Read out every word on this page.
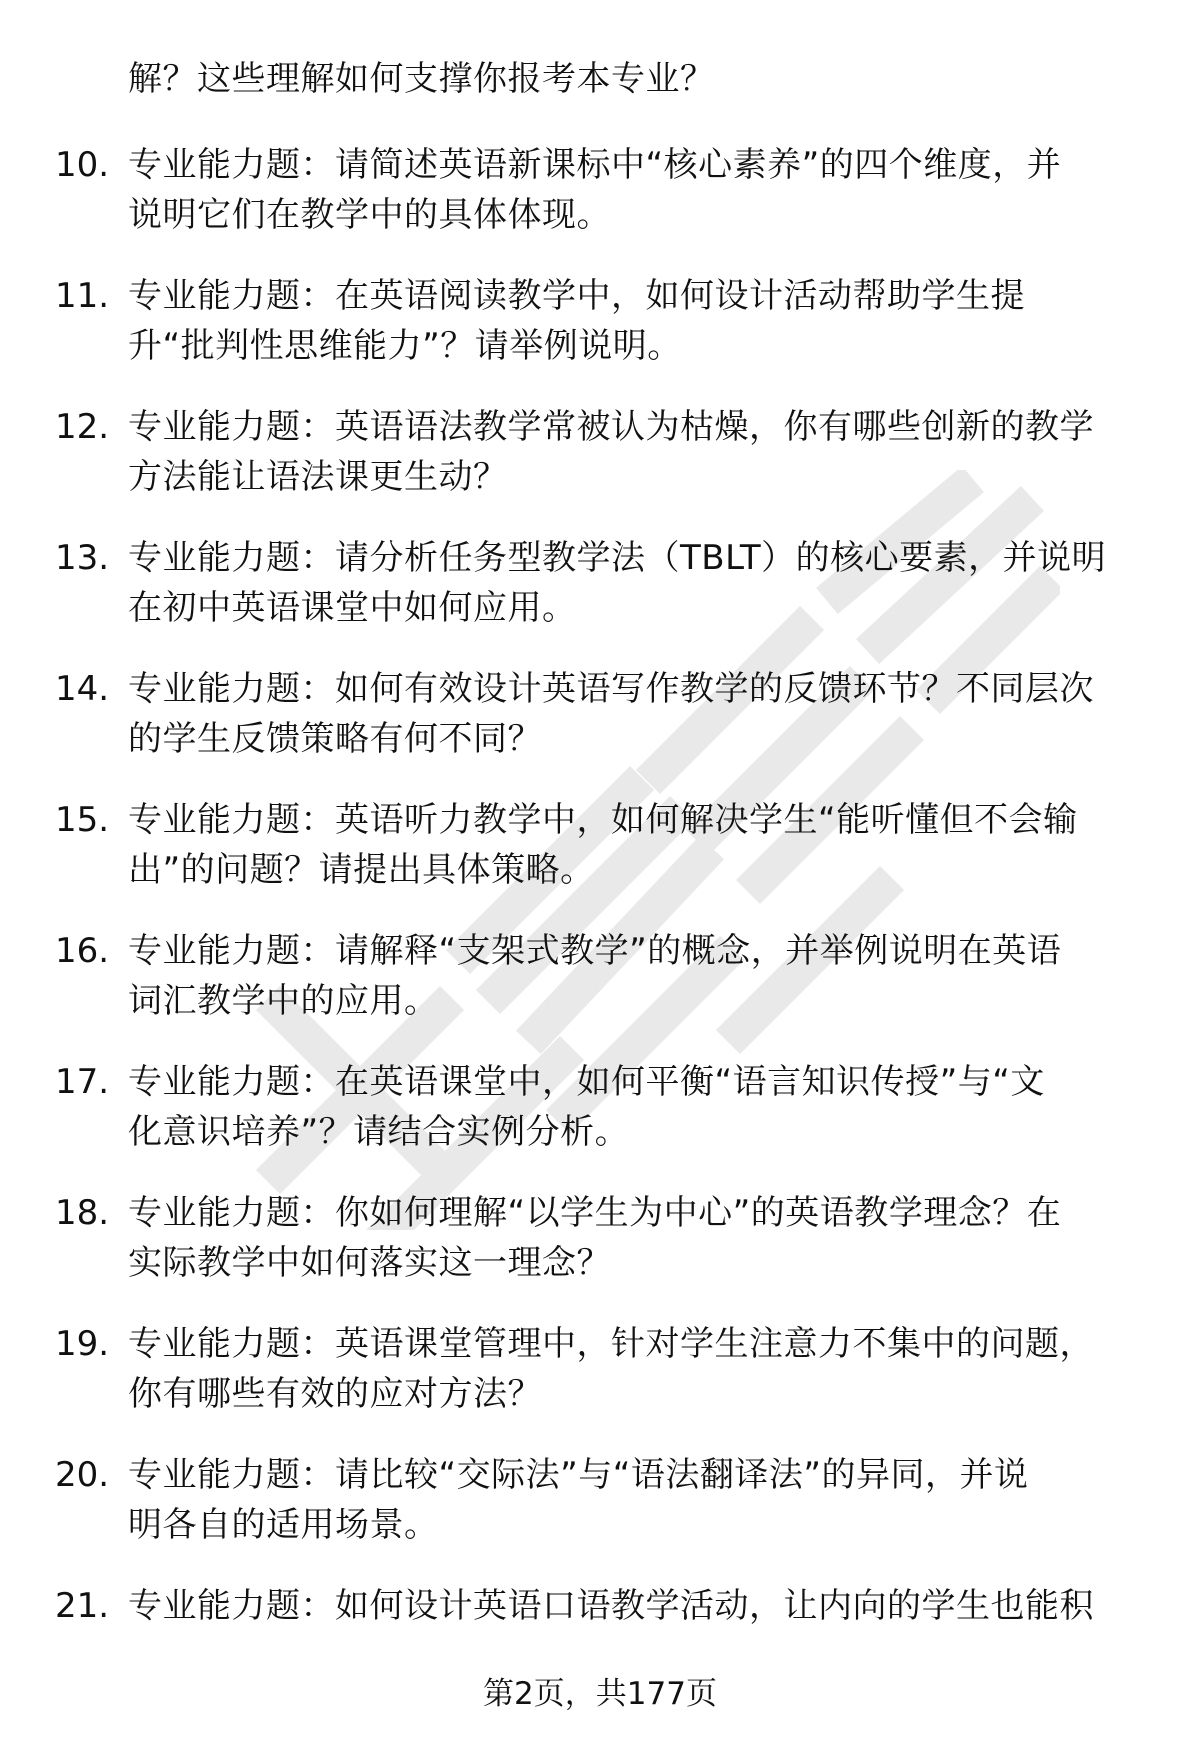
解？这些理解如何支撑你报考本专业？
10. 专业能力题：请简述英语新课标中“核心素养”的四个维度，并
说明它们在教学中的具体体现。
11. 专业能力题：在英语阅读教学中，如何设计活动帮助学生提
升“批判性思维能力”？请举例说明。
12. 专业能力题：英语语法教学常被认为枯燥，你有哪些创新的教学
方法能让语法课更生动？
13. 专业能力题：请分析任务型教学法（TBLT）的核心要素，并说明
在初中英语课堂中如何应用。
14. 专业能力题：如何有效设计英语写作教学的反馈环节？不同层次
的学生反馈策略有何不同？
15. 专业能力题：英语听力教学中，如何解决学生“能听懂但不会输
出”的问题？请提出具体策略。
16. 专业能力题：请解释“支架式教学”的概念，并举例说明在英语
词汇教学中的应用。
17. 专业能力题：在英语课堂中，如何平衡“语言知识传授”与“文
化意识培养”？请结合实例分析。
18. 专业能力题：你如何理解“以学生为中心”的英语教学理念？在
实际教学中如何落实这一理念？
19. 专业能力题：英语课堂管理中，针对学生注意力不集中的问题，
你有哪些有效的应对方法？
20. 专业能力题：请比较“交际法”与“语法翻译法”的异同，并说
明各自的适用场景。
21. 专业能力题：如何设计英语口语教学活动，让内向的学生也能积
第2页，共177页
